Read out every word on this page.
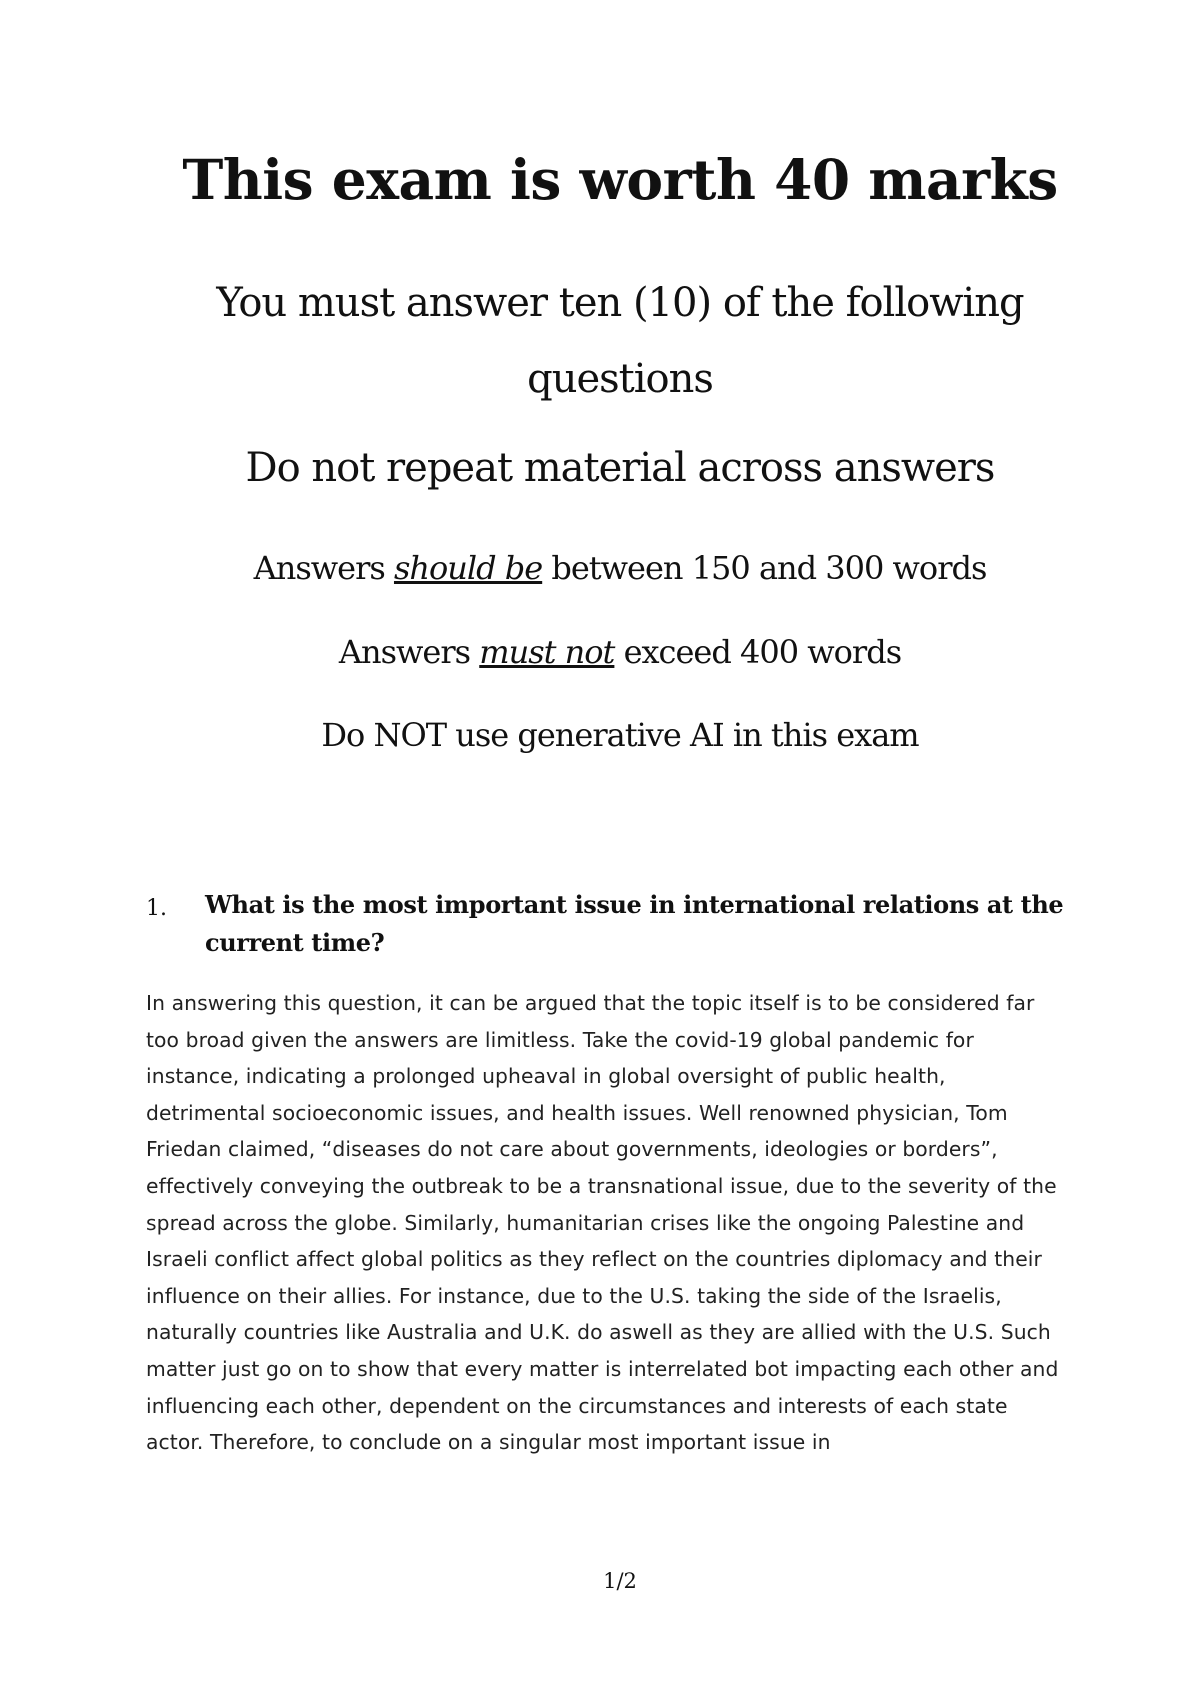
This exam is worth 40 marks
You must answer ten (10) of the following questions
Do not repeat material across answers
Answers should be between 150 and 300 words
Answers must not exceed 400 words
Do NOT use generative AI in this exam
1. What is the most important issue in international relations at the current time?
In answering this question, it can be argued that the topic itself is to be considered far too broad given the answers are limitless. Take the covid-19 global pandemic for instance, indicating a prolonged upheaval in global oversight of public health, detrimental socioeconomic issues, and health issues. Well renowned physician, Tom Friedan claimed, “diseases do not care about governments, ideologies or borders”, effectively conveying the outbreak to be a transnational issue, due to the severity of the spread across the globe. Similarly, humanitarian crises like the ongoing Palestine and Israeli conflict affect global politics as they reflect on the countries diplomacy and their influence on their allies. For instance, due to the U.S. taking the side of the Israelis, naturally countries like Australia and U.K. do aswell as they are allied with the U.S. Such matter just go on to show that every matter is interrelated bot impacting each other and influencing each other, dependent on the circumstances and interests of each state actor. Therefore, to conclude on a singular most important issue in
1/2
